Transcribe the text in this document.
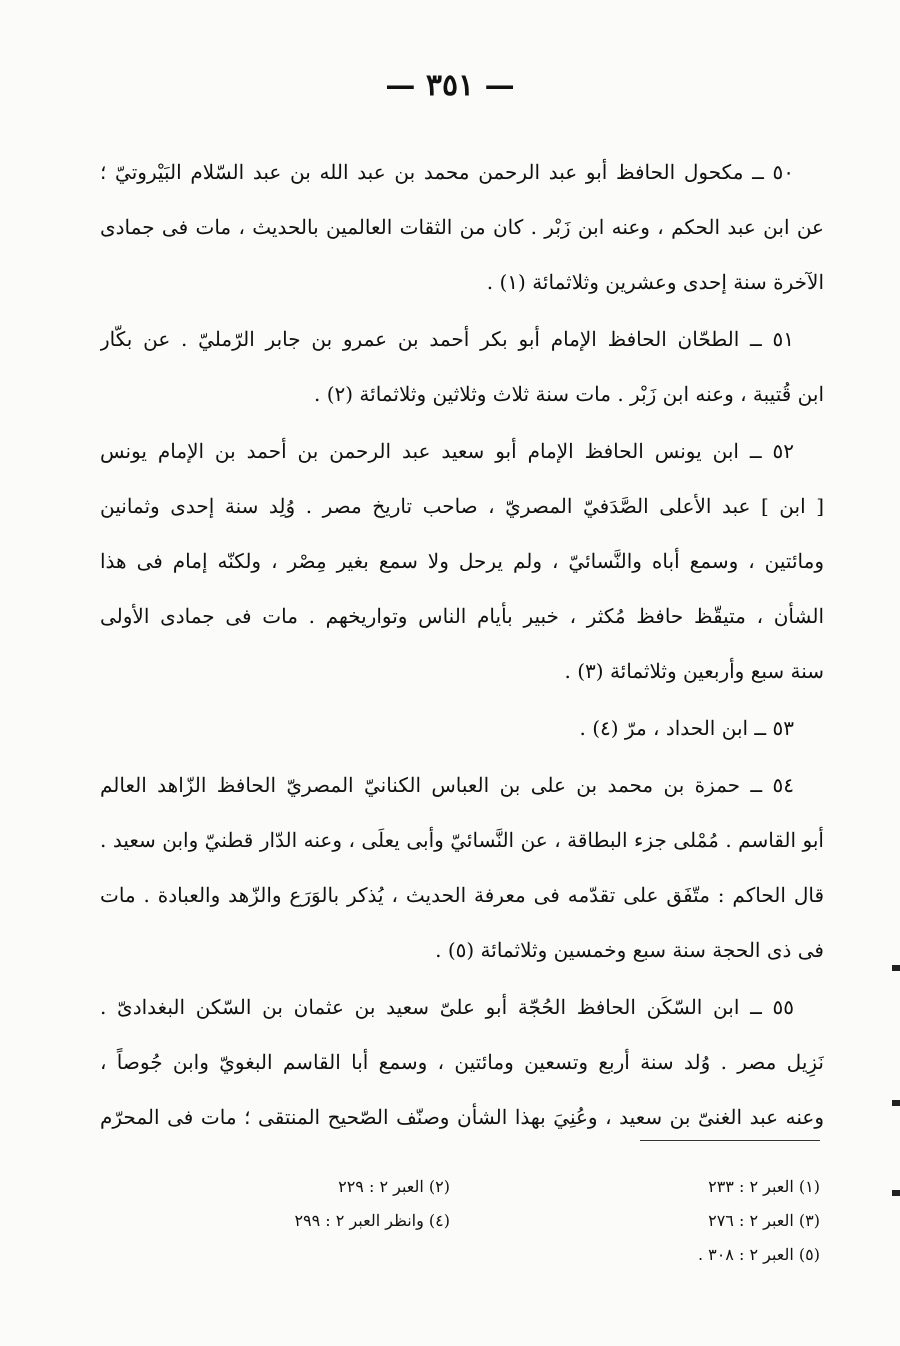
— ٣٥١ —
٥٠ ــ مكحول الحافظ أبو عبد الرحمن محمد بن عبد الله بن عبد السّلام البَيْروتيّ ؛
عن ابن عبد الحكم ، وعنه ابن زَبْر . كان من الثقات العالمين بالحديث ، مات فى جمادى
الآخرة سنة إحدى وعشرين وثلاثمائة (١) .
٥١ ــ الطحّان الحافظ الإمام أبو بكر أحمد بن عمرو بن جابر الرّمليّ . عن بكّار
ابن قُتيبة ، وعنه ابن زَبْر . مات سنة ثلاث وثلاثين وثلاثمائة (٢) .
٥٢ ــ ابن يونس الحافظ الإمام أبو سعيد عبد الرحمن بن أحمد بن الإمام يونس
[ ابن ] عبد الأعلى الصَّدَفيّ المصريّ ، صاحب تاريخ مصر . وُلِد سنة إحدى وثمانين
ومائتين ، وسمع أباه والنَّسائيّ ، ولم يرحل ولا سمع بغير مِصْر ، ولكنّه إمام فى هذا
الشأن ، متيقّظ حافظ مُكثر ، خبير بأيام الناس وتواريخهم . مات فى جمادى الأولى
سنة سبع وأربعين وثلاثمائة (٣) .
٥٣ ــ ابن الحداد ، مرّ (٤) .
٥٤ ــ حمزة بن محمد بن على بن العباس الكنانيّ المصريّ الحافظ الزّاهد العالم
أبو القاسم . مُمْلى جزء البطاقة ، عن النَّسائيّ وأبى يعلَى ، وعنه الدّار قطنيّ وابن سعيد .
قال الحاكم : متّفَق على تقدّمه فى معرفة الحديث ، يُذكر بالوَرَع والزّهد والعبادة . مات
فى ذى الحجة سنة سبع وخمسين وثلاثمائة (٥) .
٥٥ ــ ابن السّكَن الحافظ الحُجّة أبو علىّ سعيد بن عثمان بن السّكن البغدادىّ .
نَزِيل مصر . وُلد سنة أربع وتسعين ومائتين ، وسمع أبا القاسم البغويّ وابن جُوصاً ،
وعنه عبد الغنىّ بن سعيد ، وعُنِيَ بهذا الشأن وصنّف الصّحيح المنتقى ؛ مات فى المحرّم
(١) العبر ٢ : ٢٣٣
(٣) العبر ٢ : ٢٧٦
(٥) العبر ٢ : ٣٠٨ .
(٢) العبر ٢ : ٢٢٩
(٤) وانظر العبر ٢ : ٢٩٩
